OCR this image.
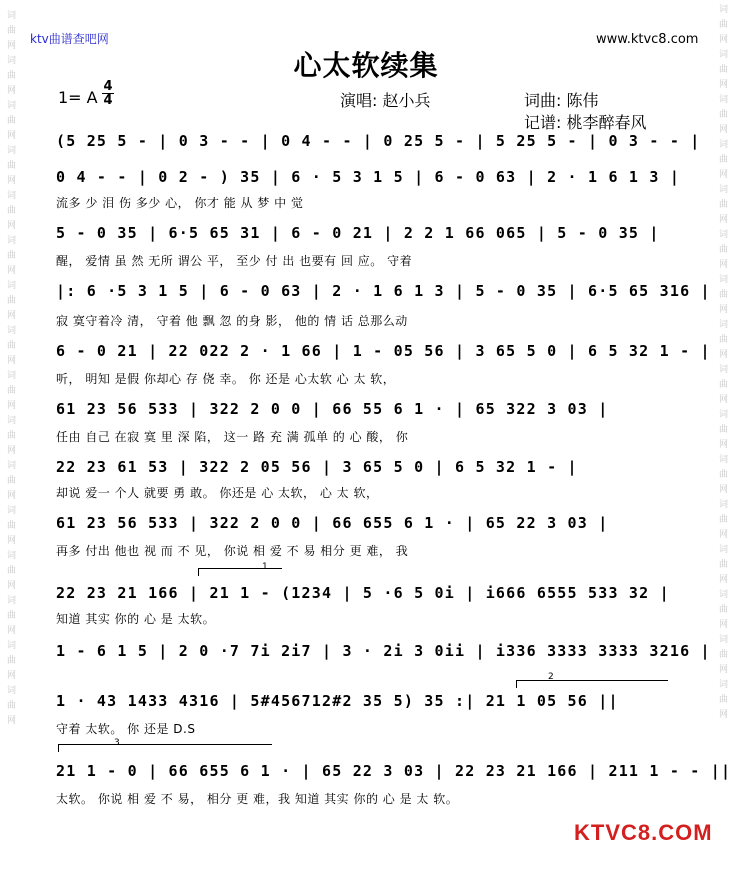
词
曲
网
词
曲
网
词
曲
网
词
曲
网
词
曲
网
词
曲
网
词
曲
网
词
曲
网
词
曲
网
词
曲
网
词
曲
网
词
曲
网
词
曲
网
词
曲
网
词
曲
网
词
曲
网
词
曲
网
词
曲
网
词
曲
网
词
曲
网
词
曲
网
词
曲
网
词
曲
网
词
曲
网
词
曲
网
词
曲
网
词
曲
网
词
曲
网
词
曲
网
词
曲
网
词
曲
网
词
曲
网
ktv曲谱查吧网	www.ktvc8.com
心太软续集
1= A
4
4	演唱: 赵小兵	词曲: 陈伟
记谱: 桃李醉春风
(5 25 5 - | 0 3 - - | 0 4 - - | 0 25 5 - | 5 25 5 - | 0 3 - - |
0 4 - - | 0 2 - ) 35 | 6 · 5 3 1 5 | 6 - 0 63 | 2 · 1 6 1 3 |
流多 少 泪 伤 多少 心， 你才 能 从 梦 中 觉
5 - 0 35 | 6·5 65 31 | 6 - 0 21 | 2 2 1 66 065 | 5 - 0 35 |
醒， 爱情 虽 然 无所 谓公 平， 至少 付 出 也要有 回 应。 守着
|: 6 ·5 3 1 5 | 6 - 0 63 | 2 · 1 6 1 3 | 5 - 0 35 | 6·5 65 316 |
寂 寞守着冷 清， 守着 他 飘 忽 的身 影， 他的 情 话 总那么动
6 - 0 21 | 22 022 2 · 1 66 | 1 - 05 56 | 3 65 5 0 | 6 5 32 1 - |
听， 明知 是假 你却心 存 侥 幸。 你 还是 心太软 心 太 软，
61 23 56 533 | 322 2 0 0 | 66 55 6 1 · | 65 322 3 03 |
任由 自己 在寂 寞 里 深 陷， 这一 路 充 满 孤单 的 心 酸， 你
22 23 61 53 | 322 2 05 56 | 3 65 5 0 | 6 5 32 1 - |
却说 爱一 个人 就要 勇 敢。 你还是 心 太软， 心 太 软，
61 23 56 533 | 322 2 0 0 | 66 655 6 1 · | 65 22 3 03 |
再多 付出 他也 视 而 不 见， 你说 相 爱 不 易 相分 更 难， 我
1
22 23 21 166 | 21 1 - (1234 | 5 ·6 5 0i | i666 6555 533 32 |
知道 其实 你的 心 是 太软。
1 - 6 1 5 | 2 0 ·7 7i 2i7 | 3 · 2i 3 0ii | i336 3333 3333 3216 |
2
1 · 43 1433 4316 | 5#456712#2 35 5) 35 :| 21 1 05 56 ||
守着 太软。 你 还是 D.S
3
21 1 - 0 | 66 655 6 1 · | 65 22 3 03 | 22 23 21 166 | 211 1 - - ||
太软。 你说 相 爱 不 易， 相分 更 难，我 知道 其实 你的 心 是 太 软。
KTVC8.COM
